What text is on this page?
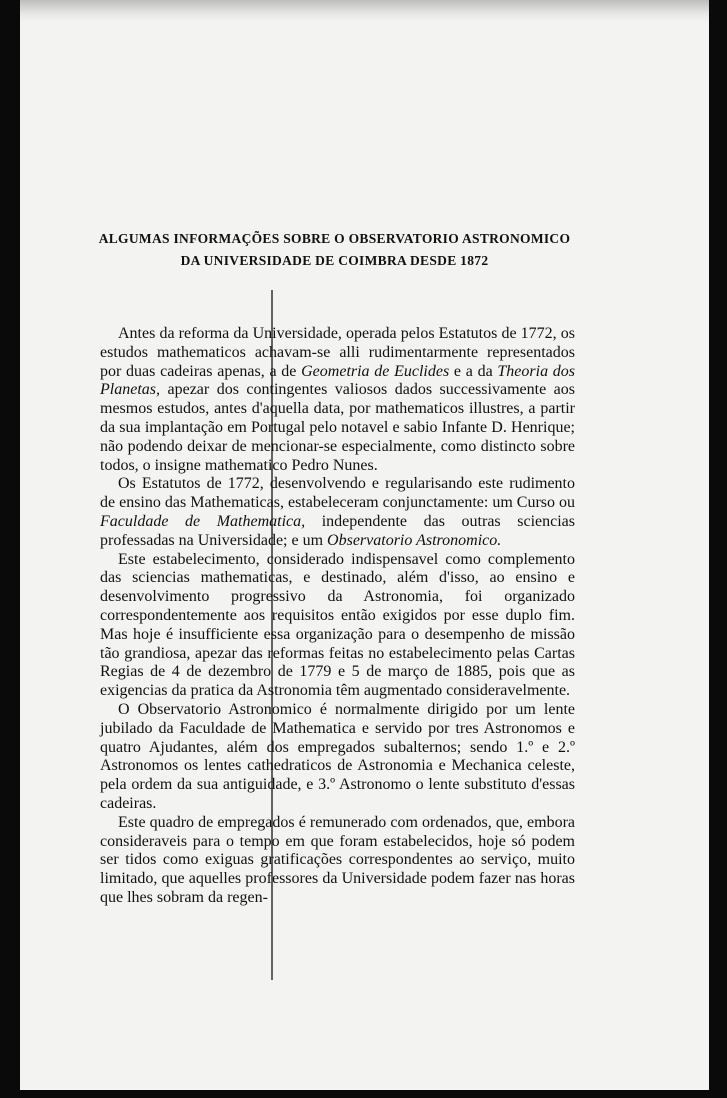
ALGUMAS INFORMAÇÕES SOBRE O OBSERVATORIO ASTRONOMICO
DA UNIVERSIDADE DE COIMBRA DESDE 1872

Antes da reforma da Universidade, operada pelos Estatutos de 1772, os estudos mathematicos achavam-se alli rudimentarmente representados por duas cadeiras apenas, a de Geometria de Euclides e a da Theoria dos Planetas, apezar dos contingentes valiosos dados successivamente aos mesmos estudos, antes d'aquella data, por mathematicos illustres, a partir da sua implantação em Portugal pelo notavel e sabio Infante D. Henrique; não podendo deixar de mencionar-se especialmente, como distincto sobre todos, o insigne mathematico Pedro Nunes.

Os Estatutos de 1772, desenvolvendo e regularisando este rudimento de ensino das Mathematicas, estabeleceram conjunctamente: um Curso ou Faculdade de Mathematica, independente das outras sciencias professadas na Universidade; e um Observatorio Astronomico.

Este estabelecimento, considerado indispensavel como complemento das sciencias mathematicas, e destinado, além d'isso, ao ensino e desenvolvimento progressivo da Astronomia, foi organizado correspondentemente aos requisitos então exigidos por esse duplo fim. Mas hoje é insufficiente essa organização para o desempenho de missão tão grandiosa, apezar das reformas feitas no estabelecimento pelas Cartas Regias de 4 de dezembro de 1779 e 5 de março de 1885, pois que as exigencias da pratica da Astronomia têm augmentado consideravelmente.

O Observatorio Astronomico é normalmente dirigido por um lente jubilado da Faculdade de Mathematica e servido por tres Astronomos e quatro Ajudantes, além dos empregados subalternos; sendo 1.º e 2.º Astronomos os lentes cathedraticos de Astronomia e Mechanica celeste, pela ordem da sua antiguidade, e 3.º Astronomo o lente substituto d'essas cadeiras.

Este quadro de empregados é remunerado com ordenados, que, embora consideraveis para o tempo em que foram estabelecidos, hoje só podem ser tidos como exiguas gratificações correspondentes ao serviço, muito limitado, que aquelles professores da Universidade podem fazer nas horas que lhes sobram da regen-
